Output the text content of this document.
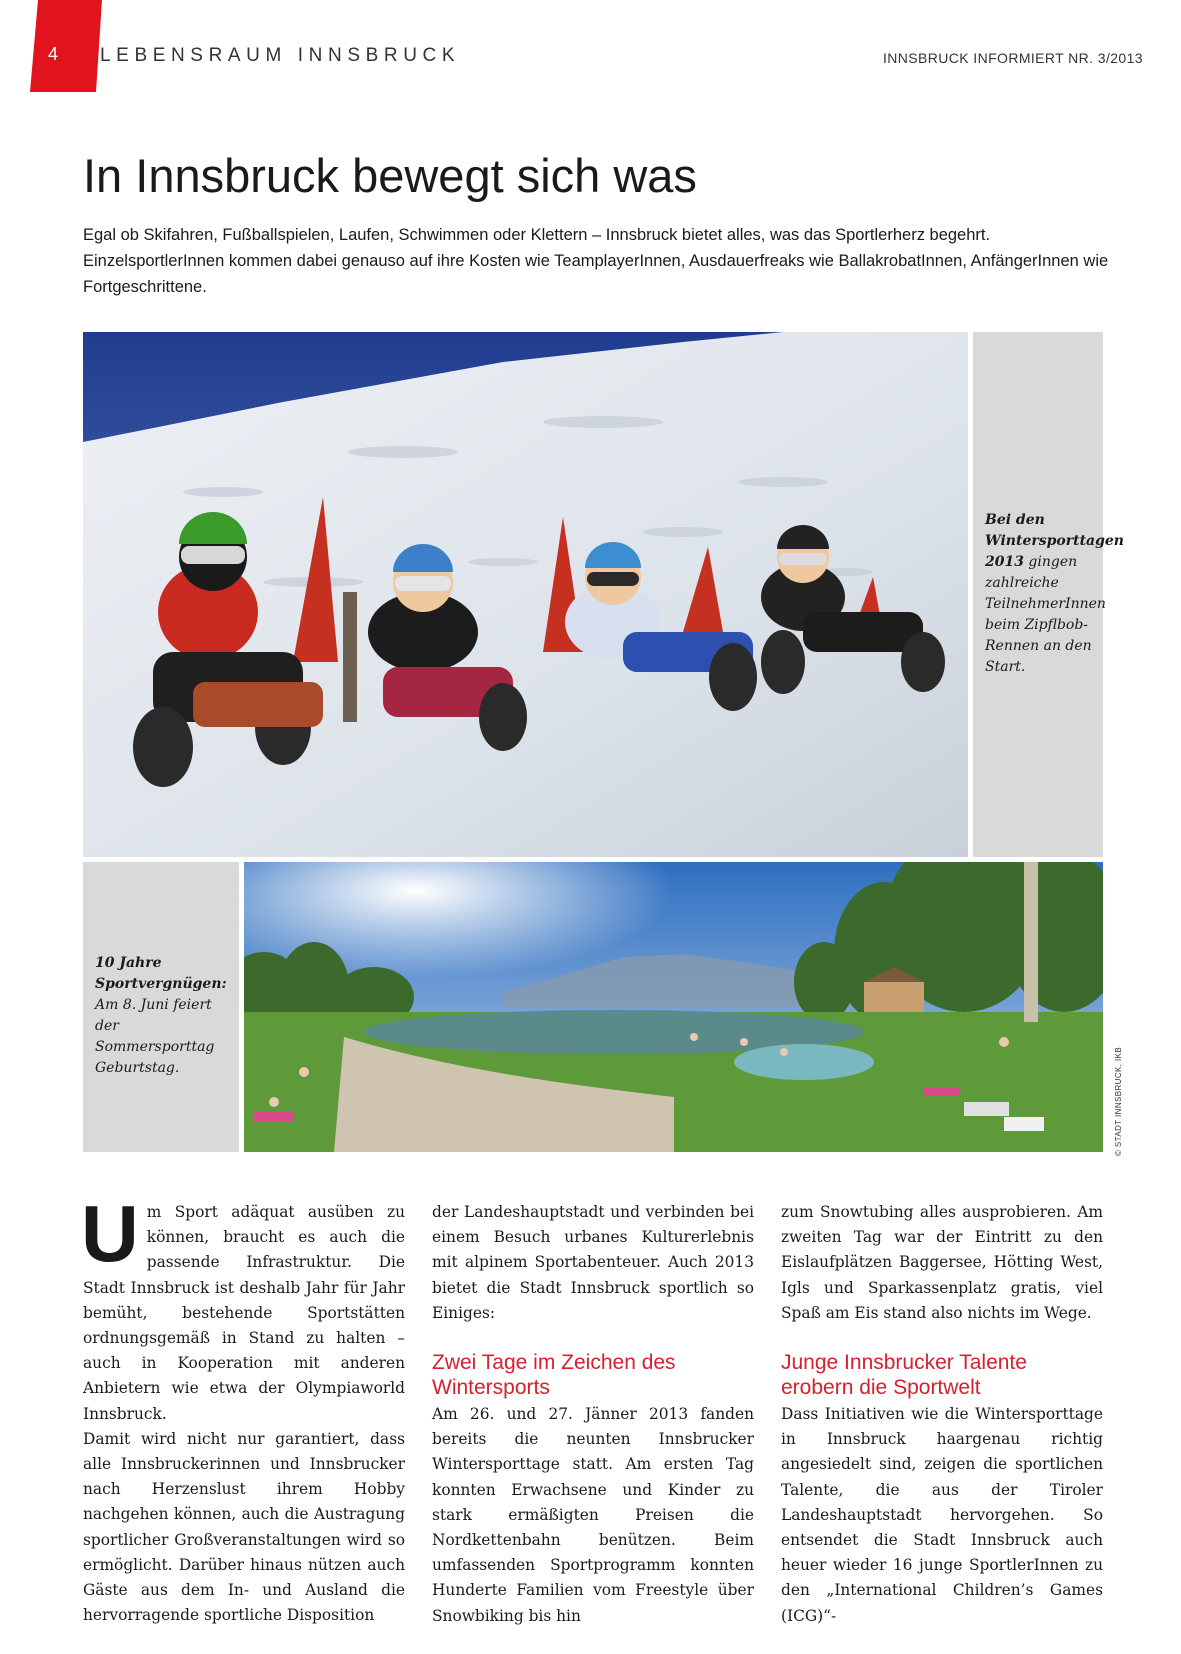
4 LEBENSRAUM INNSBRUCK	INNSBRUCK INFORMIERT NR. 3/2013
In Innsbruck bewegt sich was

Egal ob Skifahren, Fußballspielen, Laufen, Schwimmen oder Klettern – Innsbruck bietet alles, was das Sportlerherz begehrt. EinzelsportlerInnen kommen dabei genauso auf ihre Kosten wie TeamplayerInnen, Ausdauerfreaks wie BallakrobatInnen, AnfängerInnen wie Fortgeschrittene.

Bei den Wintersporttagen 2013 gingen zahlreiche TeilnehmerInnen beim Zipflbob-Rennen an den Start.
10 Jahre Sportvergnügen: Am 8. Juni feiert der Sommersporttag Geburtstag.	© STADT INNSBRUCK, IKB

Um Sport adäquat ausüben zu können, braucht es auch die passende Infrastruktur. Die Stadt Innsbruck ist deshalb Jahr für Jahr bemüht, bestehende Sportstätten ordnungsgemäß in Stand zu halten – auch in Kooperation mit anderen Anbietern wie etwa der Olympiaworld Innsbruck.

Damit wird nicht nur garantiert, dass alle Innsbruckerinnen und Innsbrucker nach Herzenslust ihrem Hobby nachgehen können, auch die Austragung sportlicher Großveranstaltungen wird so ermöglicht. Darüber hinaus nützen auch Gäste aus dem In- und Ausland die hervorragende sportliche Disposition

der Landeshauptstadt und verbinden bei einem Besuch urbanes Kulturerlebnis mit alpinem Sportabenteuer. Auch 2013 bietet die Stadt Innsbruck sportlich so Einiges:

Zwei Tage im Zeichen des Wintersports

Am 26. und 27. Jänner 2013 fanden bereits die neunten Innsbrucker Wintersporttage statt. Am ersten Tag konnten Erwachsene und Kinder zu stark ermäßigten Preisen die Nordkettenbahn benützen. Beim umfassenden Sportprogramm konnten Hunderte Familien vom Freestyle über Snowbiking bis hin

zum Snowtubing alles ausprobieren. Am zweiten Tag war der Eintritt zu den Eislaufplätzen Baggersee, Hötting West, Igls und Sparkassenplatz gratis, viel Spaß am Eis stand also nichts im Wege.

Junge Innsbrucker Talente erobern die Sportwelt

Dass Initiativen wie die Wintersporttage in Innsbruck haargenau richtig angesiedelt sind, zeigen die sportlichen Talente, die aus der Tiroler Landeshauptstadt hervorgehen. So entsendet die Stadt Innsbruck auch heuer wieder 16 junge SportlerInnen zu den „International Children’s Games (ICG)“-
